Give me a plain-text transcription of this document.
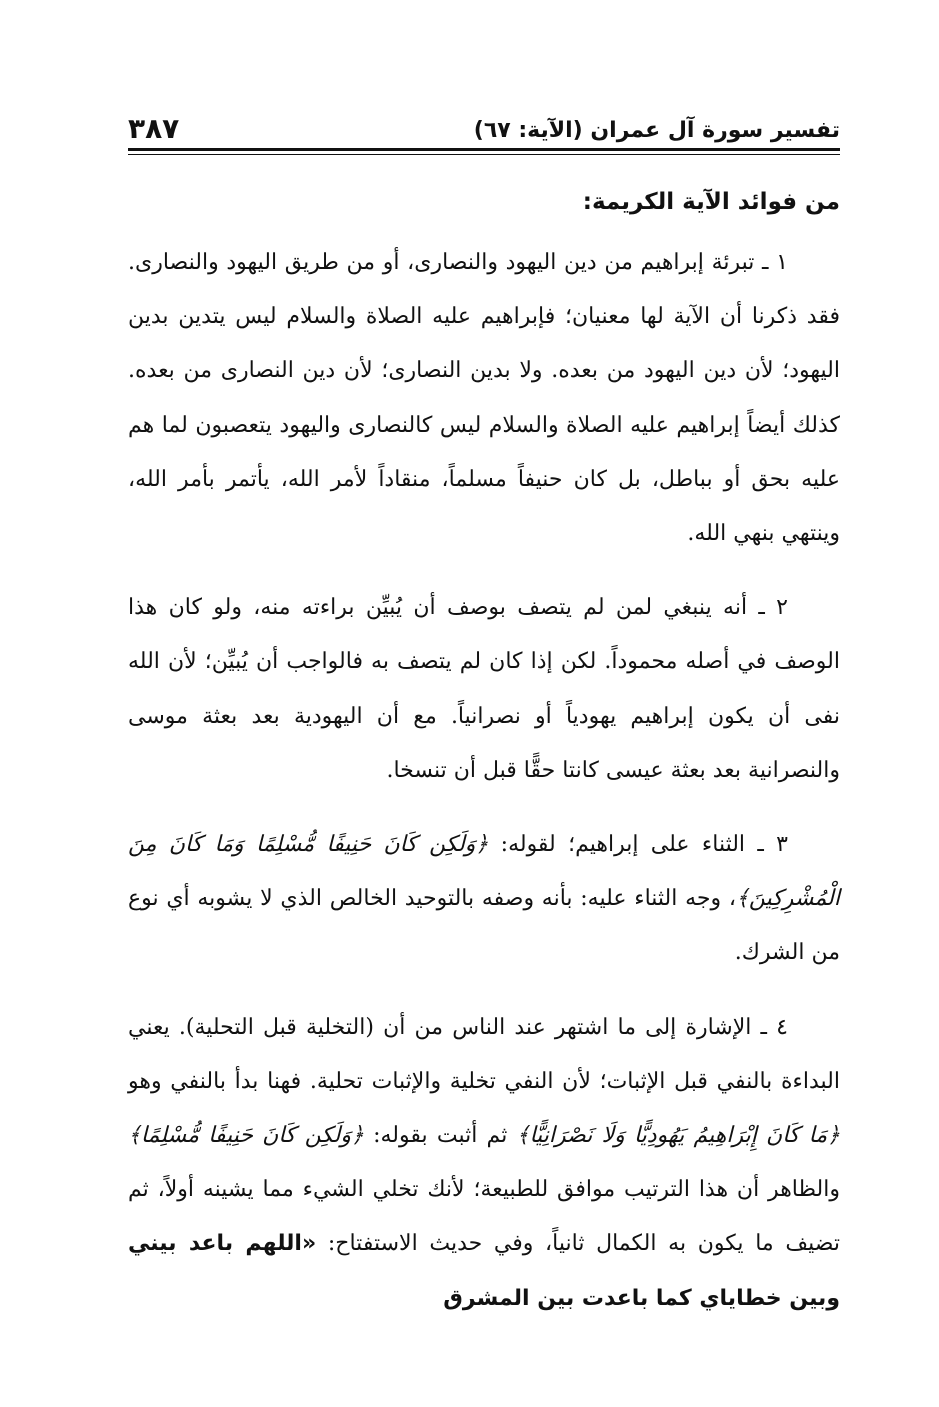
تفسير سورة آل عمران (الآية: ٦٧)
٣٨٧
من فوائد الآية الكريمة:

١ ـ تبرئة إبراهيم من دين اليهود والنصارى، أو من طريق اليهود والنصارى. فقد ذكرنا أن الآية لها معنيان؛ فإبراهيم عليه الصلاة والسلام ليس يتدين بدين اليهود؛ لأن دين اليهود من بعده. ولا بدين النصارى؛ لأن دين النصارى من بعده. كذلك أيضاً إبراهيم عليه الصلاة والسلام ليس كالنصارى واليهود يتعصبون لما هم عليه بحق أو بباطل، بل كان حنيفاً مسلماً، منقاداً لأمر الله، يأتمر بأمر الله، وينتهي بنهي الله.

٢ ـ أنه ينبغي لمن لم يتصف بوصف أن يُبيِّن براءته منه، ولو كان هذا الوصف في أصله محموداً. لكن إذا كان لم يتصف به فالواجب أن يُبيِّن؛ لأن الله نفى أن يكون إبراهيم يهودياً أو نصرانياً. مع أن اليهودية بعد بعثة موسى والنصرانية بعد بعثة عيسى كانتا حقًّا قبل أن تنسخا.

٣ ـ الثناء على إبراهيم؛ لقوله: ﴿وَلَكِن كَانَ حَنِيفًا مُّسْلِمًا وَمَا كَانَ مِنَ الْمُشْرِكِينَ﴾، وجه الثناء عليه: بأنه وصفه بالتوحيد الخالص الذي لا يشوبه أي نوع من الشرك.

٤ ـ الإشارة إلى ما اشتهر عند الناس من أن (التخلية قبل التحلية). يعني البداءة بالنفي قبل الإثبات؛ لأن النفي تخلية والإثبات تحلية. فهنا بدأ بالنفي وهو ﴿مَا كَانَ إِبْرَاهِيمُ يَهُودِيًّا وَلَا نَصْرَانِيًّا﴾ ثم أثبت بقوله: ﴿وَلَكِن كَانَ حَنِيفًا مُّسْلِمًا﴾ والظاهر أن هذا الترتيب موافق للطبيعة؛ لأنك تخلي الشيء مما يشينه أولاً، ثم تضيف ما يكون به الكمال ثانياً، وفي حديث الاستفتاح: «اللهم باعد بيني وبين خطاياي كما باعدت بين المشرق
